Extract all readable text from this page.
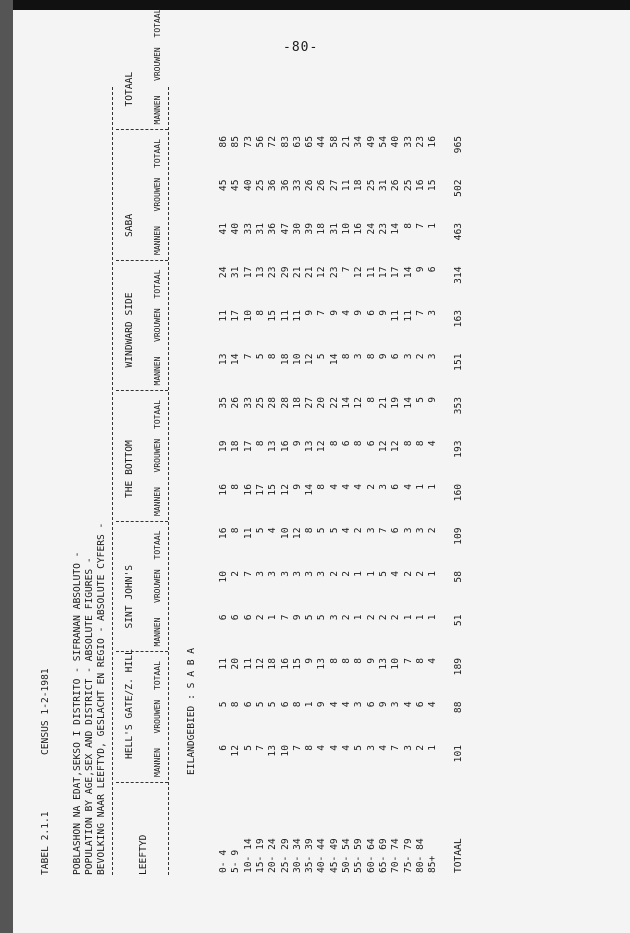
-80-
TABEL 2.1.1
CENSUS 1-2-1981 POBLASHON NA EDAT,SEKSO I DISTRITO - SIFRANAN ABSOLUTO - POPULATION BY AGE,SEX AND DISTRICT - ABSOLUTE FIGURES - BEVOLKING NAAR LEEFTYD, GESLACHT EN REGIO - ABSOLUTE CYFERS -	LEEFTYD
EILANDGEBIED : S A B A
HELL'S GATE/Z. HILL
MANNEN
VROUWEN
TOTAAL
SINT JOHN'S
MANNEN
VROUWEN
TOTAAL
THE BOTTOM
MANNEN
VROUWEN
TOTAAL
WINDWARD SIDE
MANNEN
VROUWEN
TOTAAL
SABA
MANNEN
VROUWEN
TOTAAL
TOTAAL
MANNEN
VROUWEN
TOTAAL
0- 4
6
5
11
6
10
16
16
19
35
13
11
24
41
45
86
5- 9
12
8
20
6
2
8
8
18
26
14
17
31
40
45
85
10- 14
5
6
11
6
7
11
16
17
33
7
10
17
33
40
73
15- 19
7
5
12
2
3
5
17
8
25
5
8
13
31
25
56
20- 24
13
5
18
1
3
4
15
13
28
8
15
23
36
36
72
25- 29
10
6
16
7
3
10
12
16
28
18
11
29
47
36
83
30- 34
7
8
15
9
3
12
9
9
18
10
11
21
30
33
63
35- 39
8
1
9
5
3
8
14
13
27
12
9
21
39
26
65
40- 44
4
9
13
5
3
5
8
12
20
5
7
12
18
26
44
45- 49
4
4
8
3
2
5
4
8
22
14
9
23
31
27
58
50- 54
4
4
8
2
2
4
4
6
14
8
4
7
10
11
21
55- 59
5
3
8
1
1
2
4
8
12
3
9
12
16
18
34
60- 64
3
6
9
2
1
3
2
6
8
8
6
11
24
25
49
65- 69
4
9
13
2
5
7
3
12
21
9
9
17
23
31
54
70- 74
7
3
10
2
4
6
6
12
19
6
11
17
14
26
40
75- 79
3
4
7
1
2
3
4
8
14
3
11
14
8
25
33
80- 84
2
6
8
1
2
3
1
8
5
2
7
9
7
16
23
85+
1
4
4
1
1
2
1
4
9
3
3
6
1
15
16
TOTAAL
101
88
189
51
58
109
160
193
353
151
163
314
463
502
965
